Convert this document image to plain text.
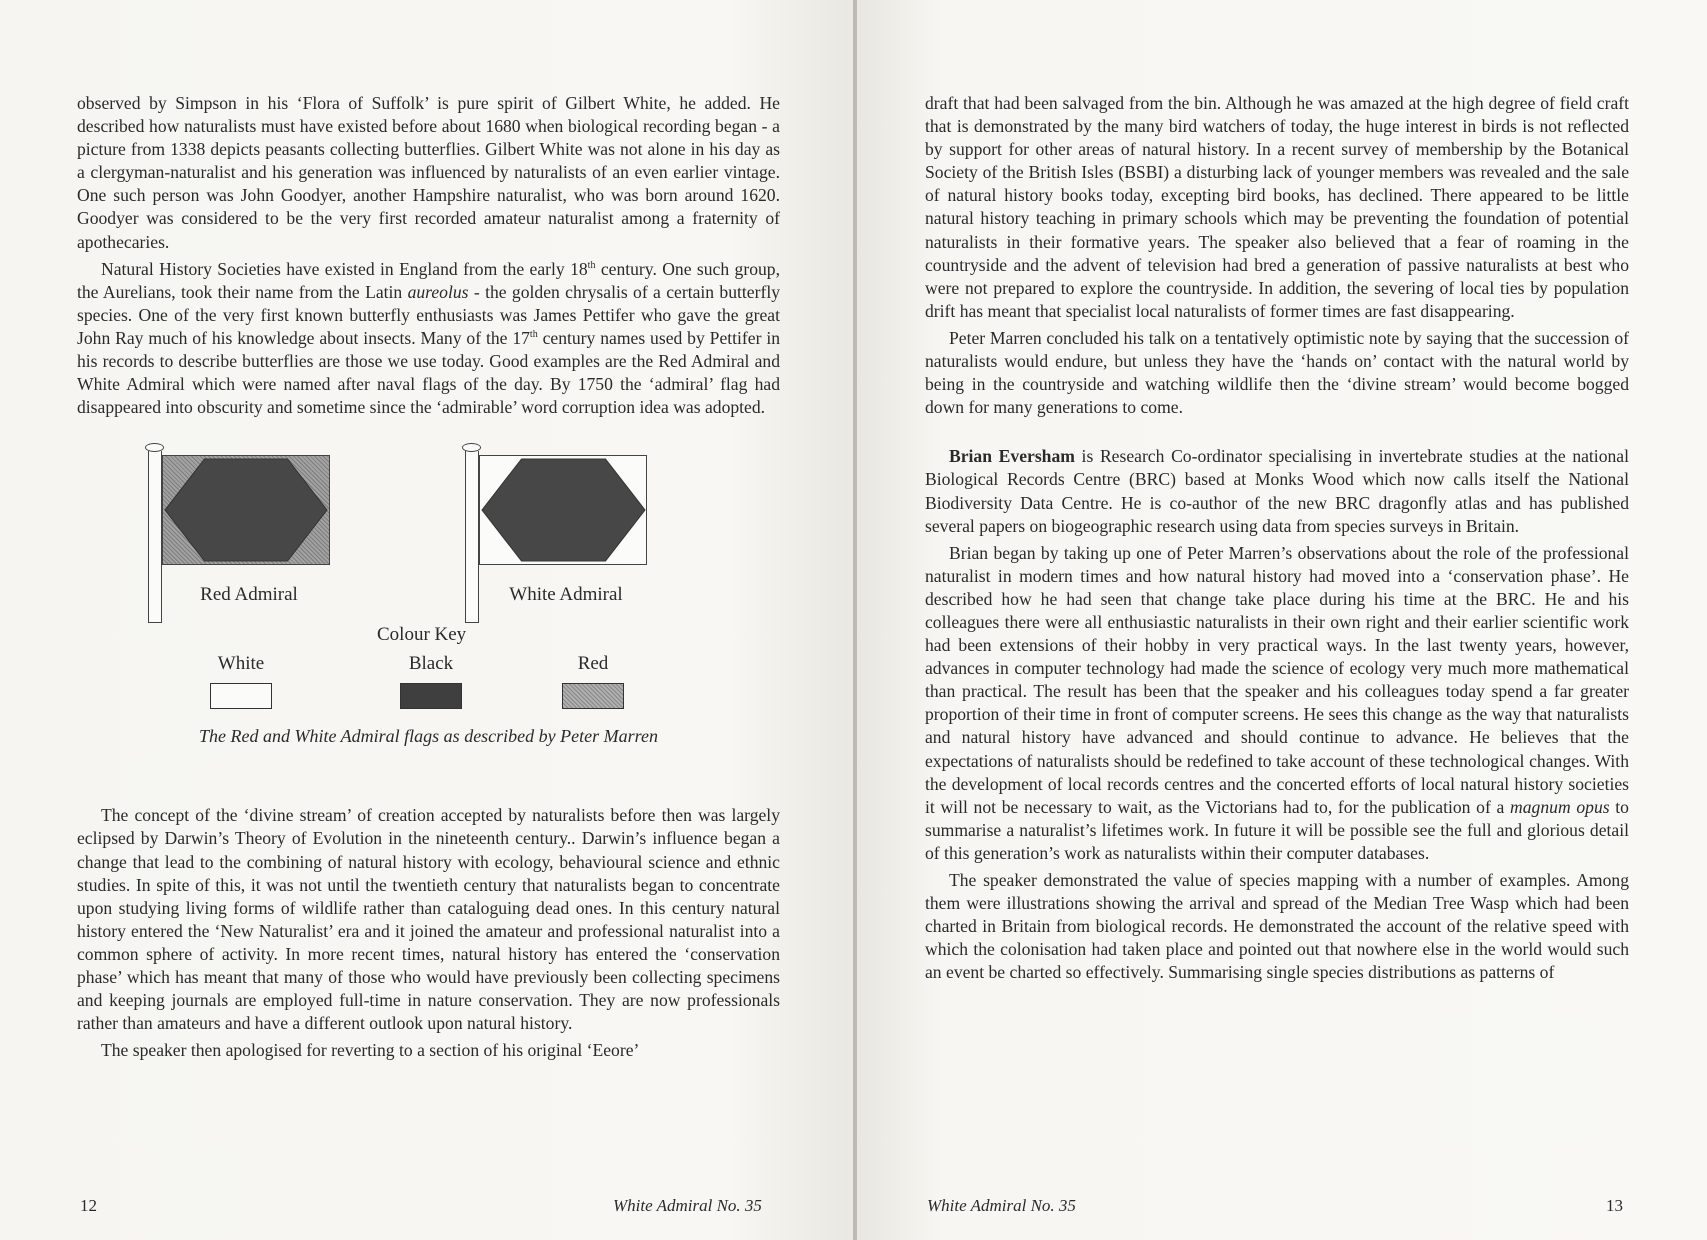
observed by Simpson in his ‘Flora of Suffolk’ is pure spirit of Gilbert White, he added. He described how naturalists must have existed before about 1680 when biological recording began - a picture from 1338 depicts peasants collecting butterflies. Gilbert White was not alone in his day as a clergyman-naturalist and his generation was influenced by naturalists of an even earlier vintage. One such person was John Goodyer, another Hampshire naturalist, who was born around 1620. Goodyer was considered to be the very first recorded amateur naturalist among a fraternity of apothecaries.

Natural History Societies have existed in England from the early 18th century. One such group, the Aurelians, took their name from the Latin aureolus - the golden chrysalis of a certain butterfly species. One of the very first known butterfly enthusiasts was James Pettifer who gave the great John Ray much of his knowledge about insects. Many of the 17th century names used by Pettifer in his records to describe butterflies are those we use today. Good examples are the Red Admiral and White Admiral which were named after naval flags of the day. By 1750 the ‘admiral’ flag had disappeared into obscurity and sometime since the ‘admirable’ word corruption idea was adopted.

Red Admiral	White Admiral
Colour Key
White	Black	Red
The Red and White Admiral flags as described by Peter Marren

The concept of the ‘divine stream’ of creation accepted by naturalists before then was largely eclipsed by Darwin’s Theory of Evolution in the nineteenth century.. Darwin’s influence began a change that lead to the combining of natural history with ecology, behavioural science and ethnic studies. In spite of this, it was not until the twentieth century that naturalists began to concentrate upon studying living forms of wildlife rather than cataloguing dead ones. In this century natural history entered the ‘New Naturalist’ era and it joined the amateur and professional naturalist into a common sphere of activity. In more recent times, natural history has entered the ‘conservation phase’ which has meant that many of those who would have previously been collecting specimens and keeping journals are employed full-time in nature conservation. They are now professionals rather than amateurs and have a different outlook upon natural history.

The speaker then apologised for reverting to a section of his original ‘Eeore’

12	White Admiral No. 35

draft that had been salvaged from the bin. Although he was amazed at the high degree of field craft that is demonstrated by the many bird watchers of today, the huge interest in birds is not reflected by support for other areas of natural history. In a recent survey of membership by the Botanical Society of the British Isles (BSBI) a disturbing lack of younger members was revealed and the sale of natural history books today, excepting bird books, has declined. There appeared to be little natural history teaching in primary schools which may be preventing the foundation of potential naturalists in their formative years. The speaker also believed that a fear of roaming in the countryside and the advent of television had bred a generation of passive naturalists at best who were not prepared to explore the countryside. In addition, the severing of local ties by population drift has meant that specialist local naturalists of former times are fast disappearing.

Peter Marren concluded his talk on a tentatively optimistic note by saying that the succession of naturalists would endure, but unless they have the ‘hands on’ contact with the natural world by being in the countryside and watching wildlife then the ‘divine stream’ would become bogged down for many generations to come.

Brian Eversham is Research Co-ordinator specialising in invertebrate studies at the national Biological Records Centre (BRC) based at Monks Wood which now calls itself the National Biodiversity Data Centre. He is co-author of the new BRC dragonfly atlas and has published several papers on biogeographic research using data from species surveys in Britain.

Brian began by taking up one of Peter Marren’s observations about the role of the professional naturalist in modern times and how natural history had moved into a ‘conservation phase’. He described how he had seen that change take place during his time at the BRC. He and his colleagues there were all enthusiastic naturalists in their own right and their earlier scientific work had been extensions of their hobby in very practical ways. In the last twenty years, however, advances in computer technology had made the science of ecology very much more mathematical than practical. The result has been that the speaker and his colleagues today spend a far greater proportion of their time in front of computer screens. He sees this change as the way that naturalists and natural history have advanced and should continue to advance. He believes that the expectations of naturalists should be redefined to take account of these technological changes. With the development of local records centres and the concerted efforts of local natural history societies it will not be necessary to wait, as the Victorians had to, for the publication of a magnum opus to summarise a naturalist’s lifetimes work. In future it will be possible see the full and glorious detail of this generation’s work as naturalists within their computer databases.

The speaker demonstrated the value of species mapping with a number of examples. Among them were illustrations showing the arrival and spread of the Median Tree Wasp which had been charted in Britain from biological records. He demonstrated the account of the relative speed with which the colonisation had taken place and pointed out that nowhere else in the world would such an event be charted so effectively. Summarising single species distributions as patterns of

White Admiral No. 35	13
